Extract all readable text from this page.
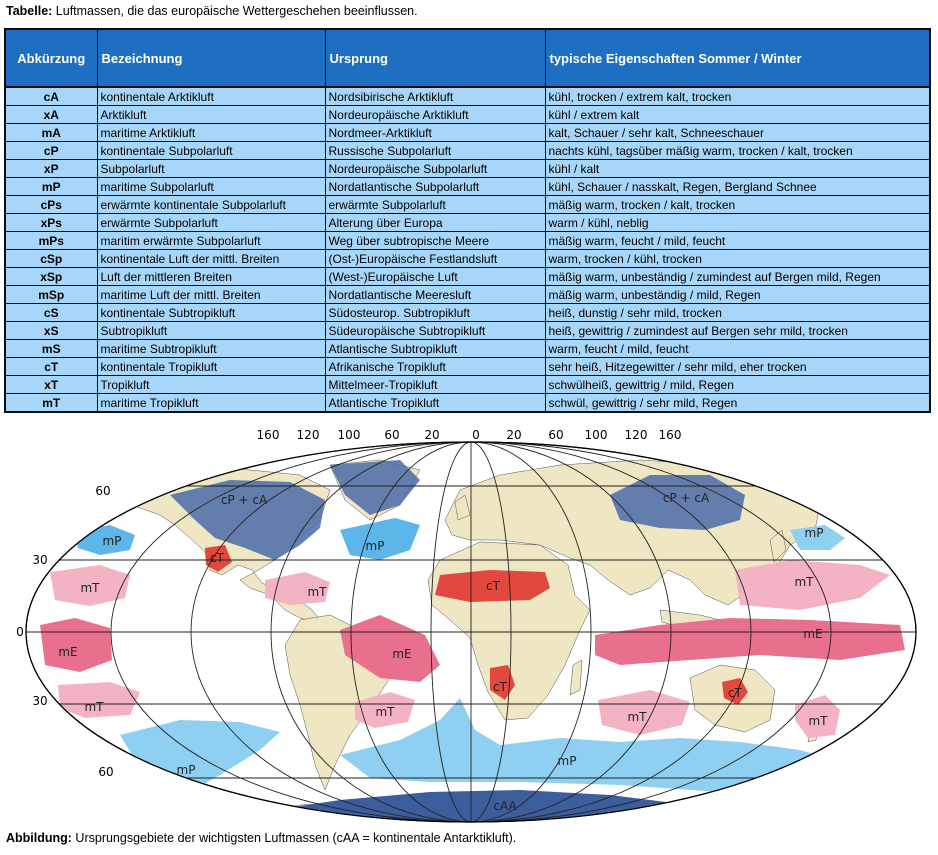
Tabelle: Luftmassen, die das europäische Wettergeschehen beeinflussen.
Abkürzung	Bezeichnung	Ursprung	typische Eigenschaften Sommer / Winter
cA	kontinentale Arktikluft	Nordsibirische Arktikluft	kühl, trocken / extrem kalt, trocken
xA	Arktikluft	Nordeuropäische Arktikluft	kühl / extrem kalt
mA	maritime Arktikluft	Nordmeer-Arktikluft	kalt, Schauer / sehr kalt, Schneeschauer
cP	kontinentale Subpolarluft	Russische Subpolarluft	nachts kühl, tagsüber mäßig warm, trocken / kalt, trocken
xP	Subpolarluft	Nordeuropäische Subpolarluft	kühl / kalt
mP	maritime Subpolarluft	Nordatlantische Subpolarluft	kühl, Schauer / nasskalt, Regen, Bergland Schnee
cPs	erwärmte kontinentale Subpolarluft	erwärmte Subpolarluft	mäßig warm, trocken / kalt, trocken
xPs	erwärmte Subpolarluft	Alterung über Europa	warm / kühl, neblig
mPs	maritim erwärmte Subpolarluft	Weg über subtropische Meere	mäßig warm, feucht / mild, feucht
cSp	kontinentale Luft der mittl. Breiten	(Ost-)Europäische Festlandsluft	warm, trocken / kühl, trocken
xSp	Luft der mittleren Breiten	(West-)Europäische Luft	mäßig warm, unbeständig / zumindest auf Bergen mild, Regen
mSp	maritime Luft der mittl. Breiten	Nordatlantische Meeresluft	mäßig warm, unbeständig / mild, Regen
cS	kontinentale Subtropikluft	Südosteurop. Subtropikluft	heiß, dunstig / sehr mild, trocken
xS	Subtropikluft	Südeuropäische Subtropikluft	heiß, gewittrig / zumindest auf Bergen sehr mild, trocken
mS	maritime Subtropikluft	Atlantische Subtropikluft	warm, feucht / mild, feucht
cT	kontinentale Tropikluft	Afrikanische Tropikluft	sehr heiß, Hitzegewitter / sehr mild, eher trocken
xT	Tropikluft	Mittelmeer-Tropikluft	schwülheiß, gewittrig / mild, Regen
mT	maritime Tropikluft	Atlantische Tropikluft	schwül, gewittrig / sehr mild, Regen
160 120 100 60 20	0 20 60 100 120 160
60
30
0
30
60
cP + cA	cP + cA
mP	mP
mP
cT
cT
cT	cT
mT	mT
mT
mE	mE
mE
mT	mT	mT	mT
mP
mP
cAA
Abbildung: Ursprungsgebiete der wichtigsten Luftmassen (cAA = kontinentale Antarktikluft).
